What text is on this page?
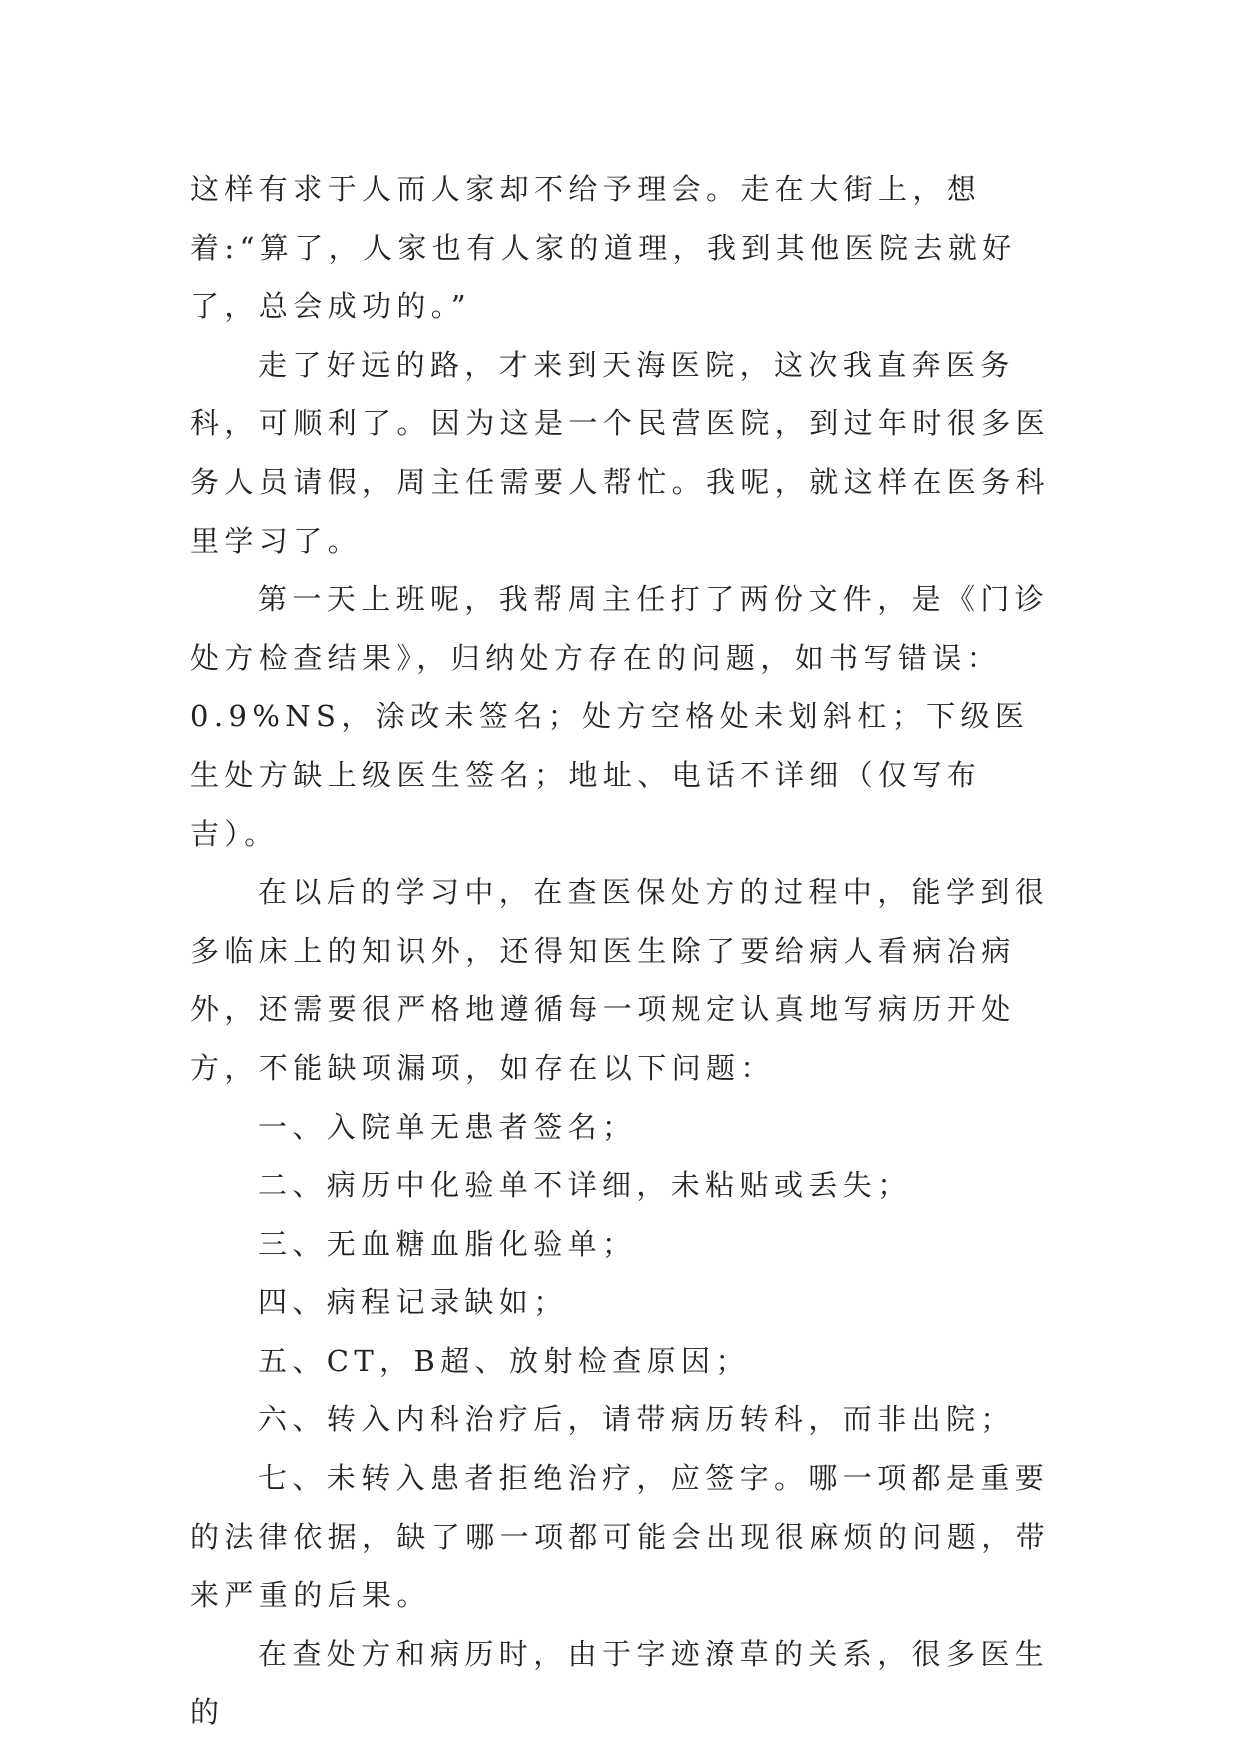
这样有求于人而人家却不给予理会。走在大街上，想着:“算了，人家也有人家的道理，我到其他医院去就好了，总会成功的。”

走了好远的路，才来到天海医院，这次我直奔医务科，可顺利了。因为这是一个民营医院，到过年时很多医务人员请假，周主任需要人帮忙。我呢，就这样在医务科里学习了。

第一天上班呢，我帮周主任打了两份文件，是《门诊处方检查结果》，归纳处方存在的问题，如书写错误：0.9%NS，涂改未签名；处方空格处未划斜杠；下级医生处方缺上级医生签名；地址、电话不详细（仅写布吉）。

在以后的学习中，在查医保处方的过程中，能学到很多临床上的知识外，还得知医生除了要给病人看病冶病外，还需要很严格地遵循每一项规定认真地写病历开处方，不能缺项漏项，如存在以下问题：

一、入院单无患者签名；

二、病历中化验单不详细，未粘贴或丢失；

三、无血糖血脂化验单；

四、病程记录缺如；

五、CT，B超、放射检查原因；

六、转入内科治疗后，请带病历转科，而非出院；

七、未转入患者拒绝治疗，应签字。哪一项都是重要的法律依据，缺了哪一项都可能会出现很麻烦的问题，带来严重的后果。

在查处方和病历时，由于字迹潦草的关系，很多医生的
